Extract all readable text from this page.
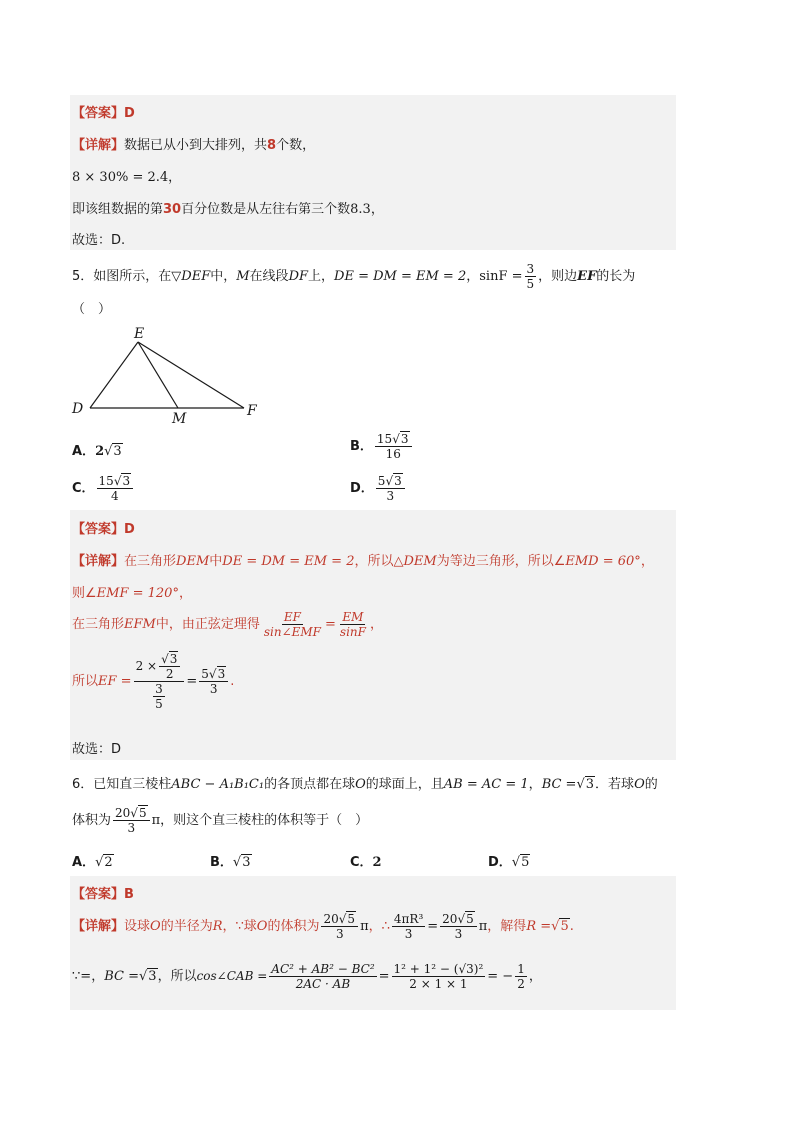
【答案】D
【详解】数据已从小到大排列，共8个数，
8 × 30% = 2.4，
即该组数据的第30百分位数是从左往右第三个数8.3，
故选：D.
5．如图所示，在▽DEF中，M在线段DF上，DE = DM = EM = 2，$\sin F = \frac{3}{5}$ ，则边EF的长为
（　）
E
D
M	F
A．2√3	B． $\frac{15√3}{16}$
C． $\frac{15√3}{4}$	D． $\frac{5√3}{3}$
【答案】D
【详解】在三角形DEM中DE = DM = EM = 2，所以△DEM为等边三角形，所以∠EMD = 60°，
则∠EMF = 120°，
在三角形EFM中，由正弦定理得 $\frac{EF}{\text{sin∠EMF}} = \frac{EM}{\sin F}$ ，
所以EF = $\frac{2 \times \frac{√3}{2}}{\frac{3}{5}} = \frac{5√3}{3}$ .
故选：D
6．已知直三棱柱ABC − A₁B₁C₁的各顶点都在球O的球面上，且AB = AC = 1，BC =√3．若球O的
体积为 $\frac{20√5}{3}$ π，则这个直三棱柱的体积等于（　）
A．√2	B．√3	C．2	D．√5
【答案】B
【详解】设球O的半径为R，∵球O的体积为 $\frac{20√5}{3}$ π，∴ $\frac{\text{4πR³}}{3} = \frac{20√5}{3}$ π，解得R =√5.
∵=，BC =√3，所以cos∠CAB = $\frac{\text{AC² + AB² − BC²}}{2AC \cdot AB} = \frac{\text{1² + 1² − (√3)²}}{2 \times 1 \times 1}$ = − $\frac{1}{2}$ ，
